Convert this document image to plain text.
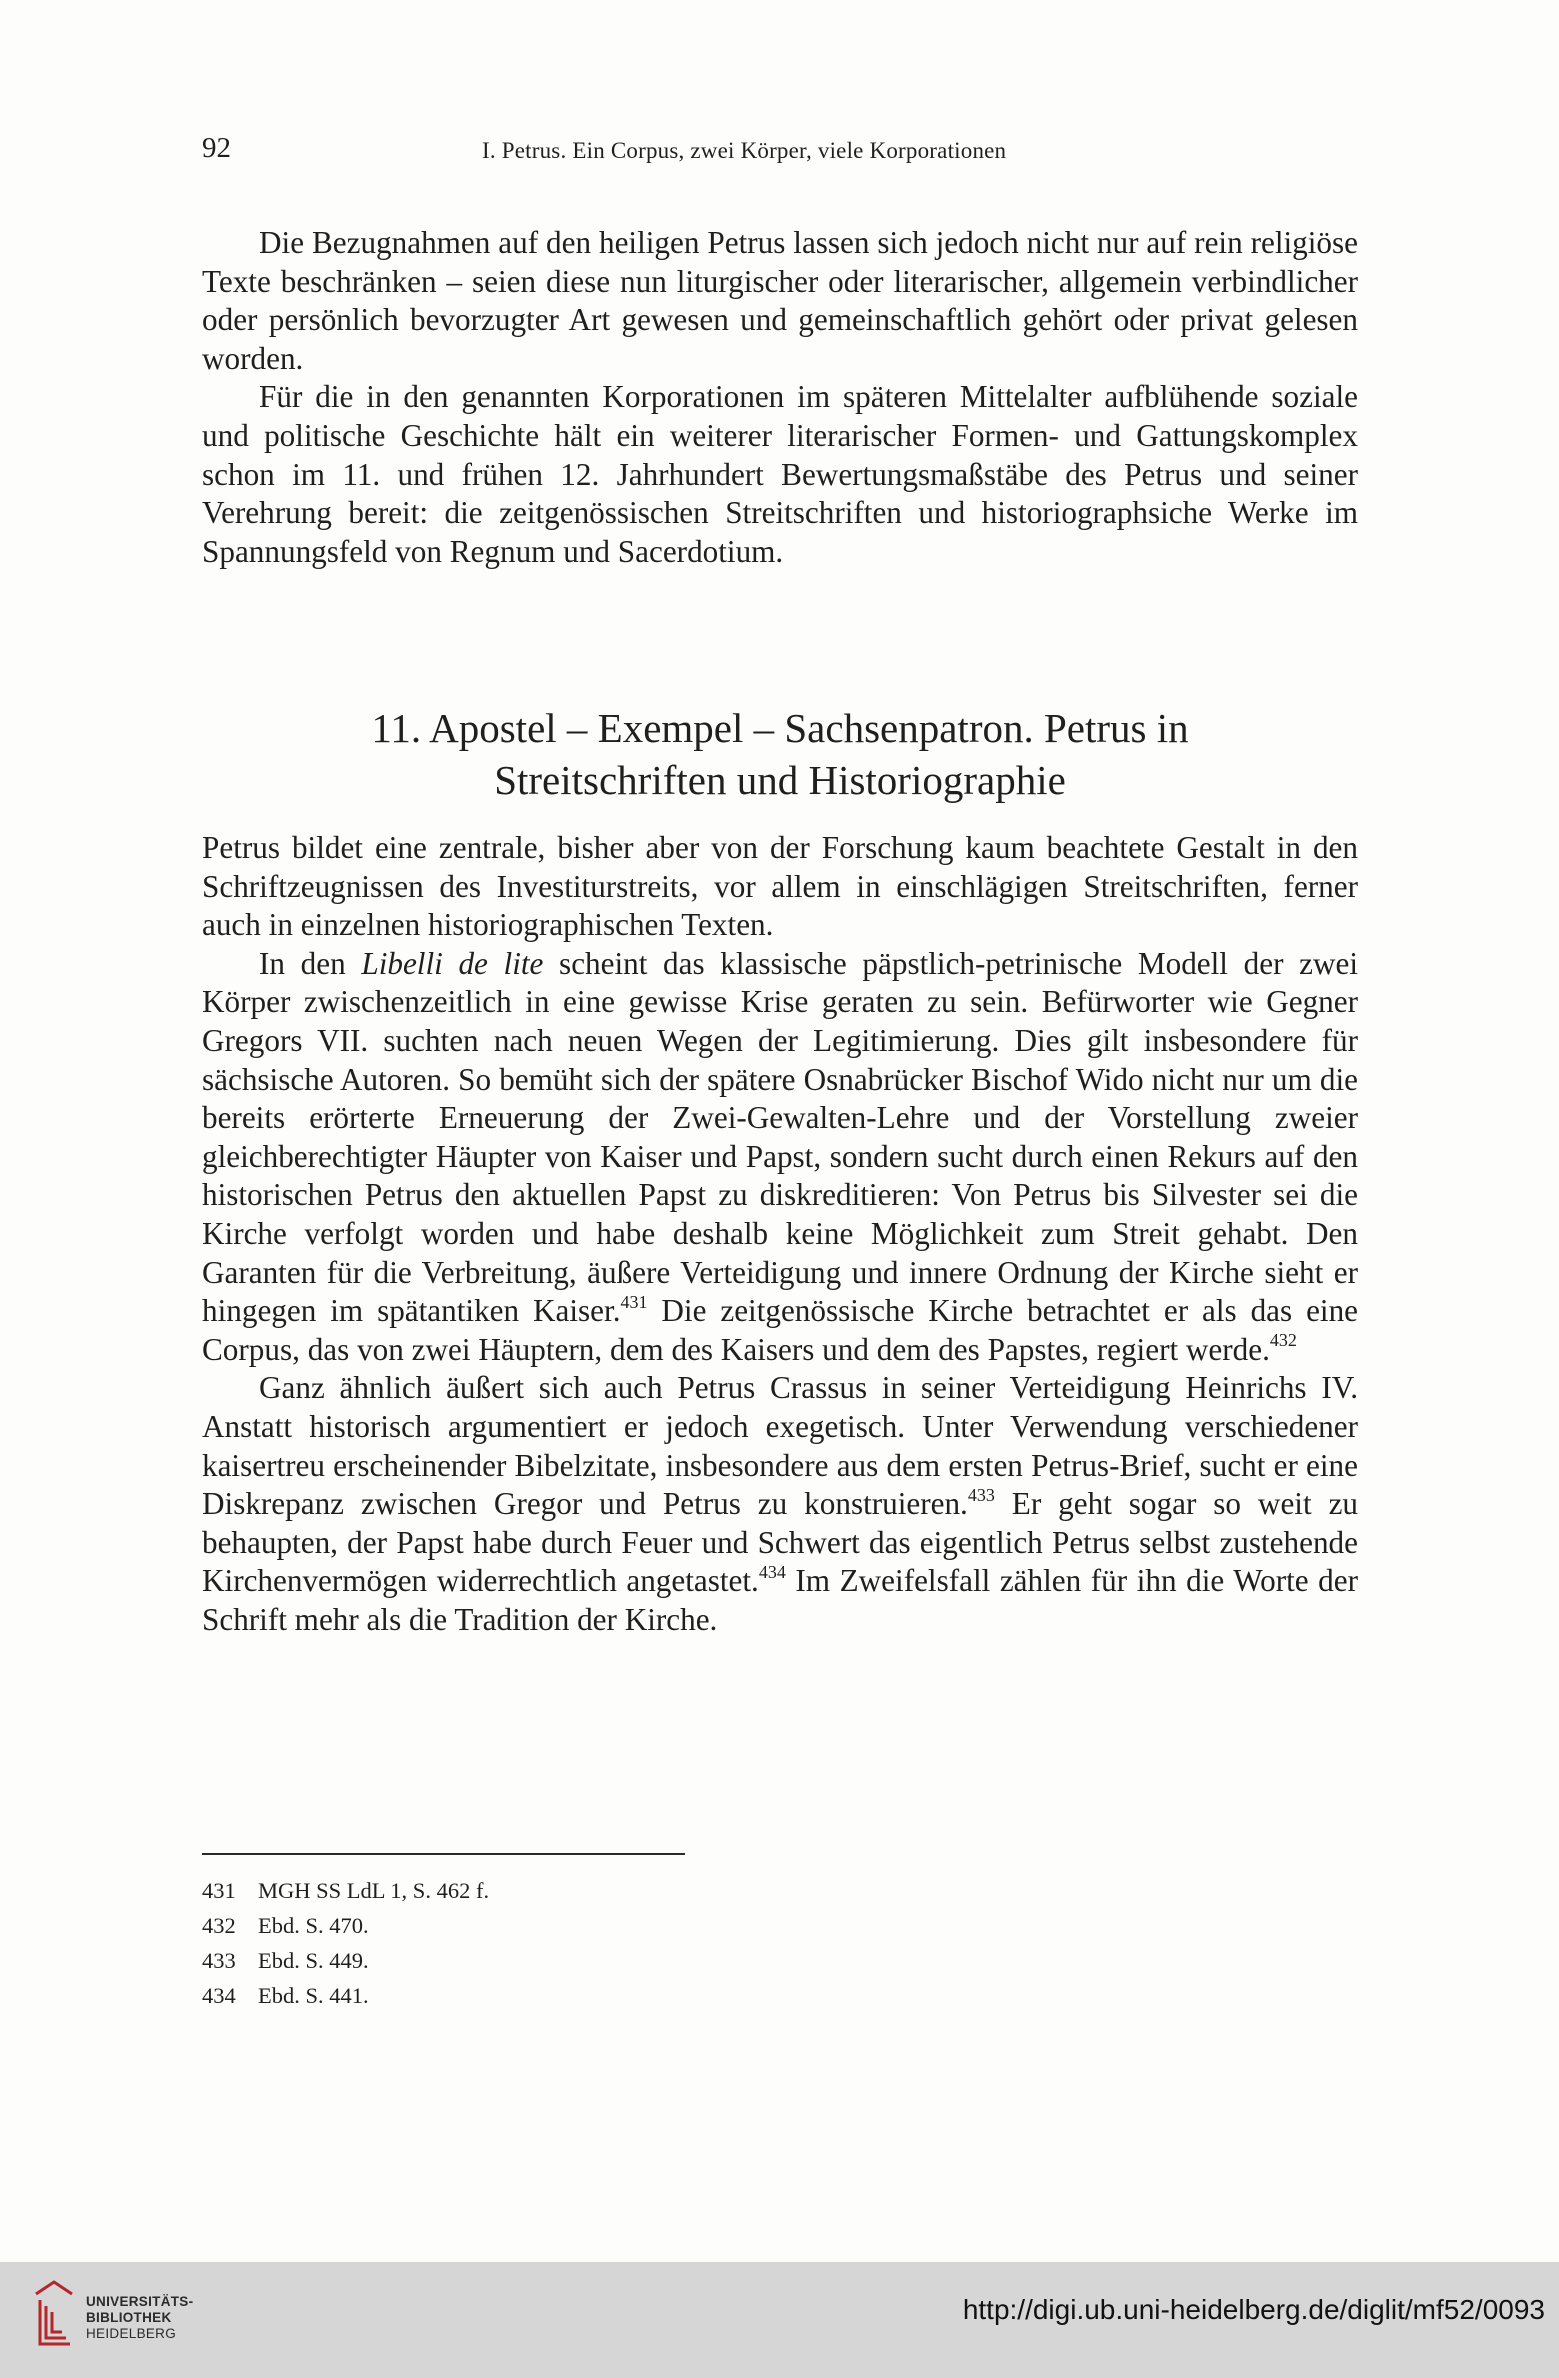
92	I. Petrus. Ein Corpus, zwei Körper, viele Korporationen

Die Bezugnahmen auf den heiligen Petrus lassen sich jedoch nicht nur auf rein religiöse Texte beschränken – seien diese nun liturgischer oder literarischer, allgemein verbindlicher oder persönlich bevorzugter Art gewesen und gemeinschaftlich gehört oder privat gelesen worden.

Für die in den genannten Korporationen im späteren Mittelalter aufblühende soziale und politische Geschichte hält ein weiterer literarischer Formen- und Gattungskomplex schon im 11. und frühen 12. Jahrhundert Bewertungsmaßstäbe des Petrus und seiner Verehrung bereit: die zeitgenössischen Streitschriften und historiographsiche Werke im Spannungsfeld von Regnum und Sacerdotium.

11. Apostel – Exempel – Sachsenpatron. Petrus in
Streitschriften und Historiographie

Petrus bildet eine zentrale, bisher aber von der Forschung kaum beachtete Gestalt in den Schriftzeugnissen des Investiturstreits, vor allem in einschlägigen Streitschriften, ferner auch in einzelnen historiographischen Texten.

In den Libelli de lite scheint das klassische päpstlich-petrinische Modell der zwei Körper zwischenzeitlich in eine gewisse Krise geraten zu sein. Befürworter wie Gegner Gregors VII. suchten nach neuen Wegen der Legitimierung. Dies gilt insbesondere für sächsische Autoren. So bemüht sich der spätere Osnabrücker Bischof Wido nicht nur um die bereits erörterte Erneuerung der Zwei-Gewalten-Lehre und der Vorstellung zweier gleichberechtigter Häupter von Kaiser und Papst, sondern sucht durch einen Rekurs auf den historischen Petrus den aktuellen Papst zu diskreditieren: Von Petrus bis Silvester sei die Kirche verfolgt worden und habe deshalb keine Möglichkeit zum Streit gehabt. Den Garanten für die Verbreitung, äußere Verteidigung und innere Ordnung der Kirche sieht er hingegen im spätantiken Kaiser.$^{431}$ Die zeitgenössische Kirche betrachtet er als das eine Corpus, das von zwei Häuptern, dem des Kaisers und dem des Papstes, regiert werde.$^{432}$

Ganz ähnlich äußert sich auch Petrus Crassus in seiner Verteidigung Heinrichs IV. Anstatt historisch argumentiert er jedoch exegetisch. Unter Verwendung verschiedener kaisertreu erscheinender Bibelzitate, insbesondere aus dem ersten Petrus-Brief, sucht er eine Diskrepanz zwischen Gregor und Petrus zu konstruieren.$^{433}$ Er geht sogar so weit zu behaupten, der Papst habe durch Feuer und Schwert das eigentlich Petrus selbst zustehende Kirchenvermögen widerrechtlich angetastet.$^{434}$ Im Zweifelsfall zählen für ihn die Worte der Schrift mehr als die Tradition der Kirche.

431 MGH SS LdL 1, S. 462 f.
432 Ebd. S. 470.
433 Ebd. S. 449.
434 Ebd. S. 441.
UNIVERSITÄTS-
BIBLIOTHEK
HEIDELBERG
http://digi.ub.uni-heidelberg.de/diglit/mf52/0093
